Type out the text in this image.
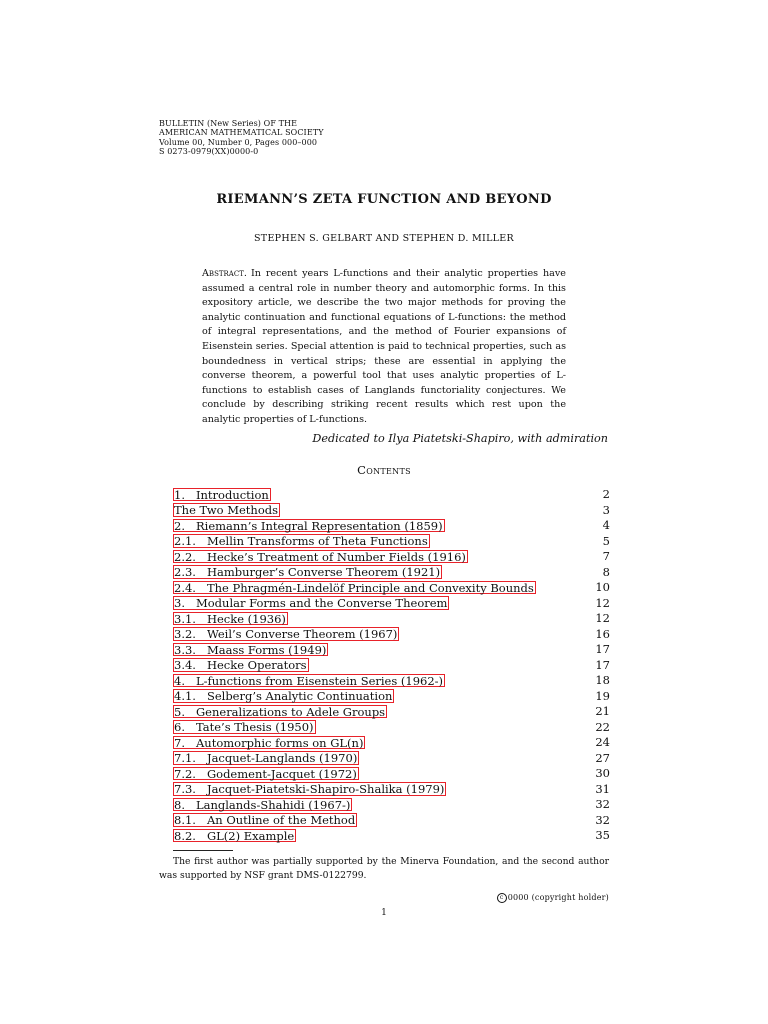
BULLETIN (New Series) OF THE
AMERICAN MATHEMATICAL SOCIETY
Volume 00, Number 0, Pages 000–000
S 0273-0979(XX)0000-0
RIEMANN’S ZETA FUNCTION AND BEYOND
STEPHEN S. GELBART AND STEPHEN D. MILLER
Abstract. In recent years L-functions and their analytic properties have assumed a central role in number theory and automorphic forms. In this expository article, we describe the two major methods for proving the analytic continuation and functional equations of L-functions: the method of integral representations, and the method of Fourier expansions of Eisenstein series. Special attention is paid to technical properties, such as boundedness in vertical strips; these are essential in applying the converse theorem, a powerful tool that uses analytic properties of L-functions to establish cases of Langlands functoriality conjectures. We conclude by describing striking recent results which rest upon the analytic properties of L-functions.
Dedicated to Ilya Piatetski-Shapiro, with admiration
Contents
1. Introduction	2
The Two Methods	3
2. Riemann’s Integral Representation (1859)	4
2.1. Mellin Transforms of Theta Functions	5
2.2. Hecke’s Treatment of Number Fields (1916)	7
2.3. Hamburger’s Converse Theorem (1921)	8
2.4. The Phragmén-Lindelöf Principle and Convexity Bounds	10
3. Modular Forms and the Converse Theorem	12
3.1. Hecke (1936)	12
3.2. Weil’s Converse Theorem (1967)	16
3.3. Maass Forms (1949)	17
3.4. Hecke Operators	17
4. L-functions from Eisenstein Series (1962-)	18
4.1. Selberg’s Analytic Continuation	19
5. Generalizations to Adele Groups	21
6. Tate’s Thesis (1950)	22
7. Automorphic forms on GL(n)	24
7.1. Jacquet-Langlands (1970)	27
7.2. Godement-Jacquet (1972)	30
7.3. Jacquet-Piatetski-Shapiro-Shalika (1979)	31
8. Langlands-Shahidi (1967-)	32
8.1. An Outline of the Method	32
8.2. GL(2) Example	35
The first author was partially supported by the Minerva Foundation, and the second author was supported by NSF grant DMS-0122799.
c 0000 (copyright holder)
1
